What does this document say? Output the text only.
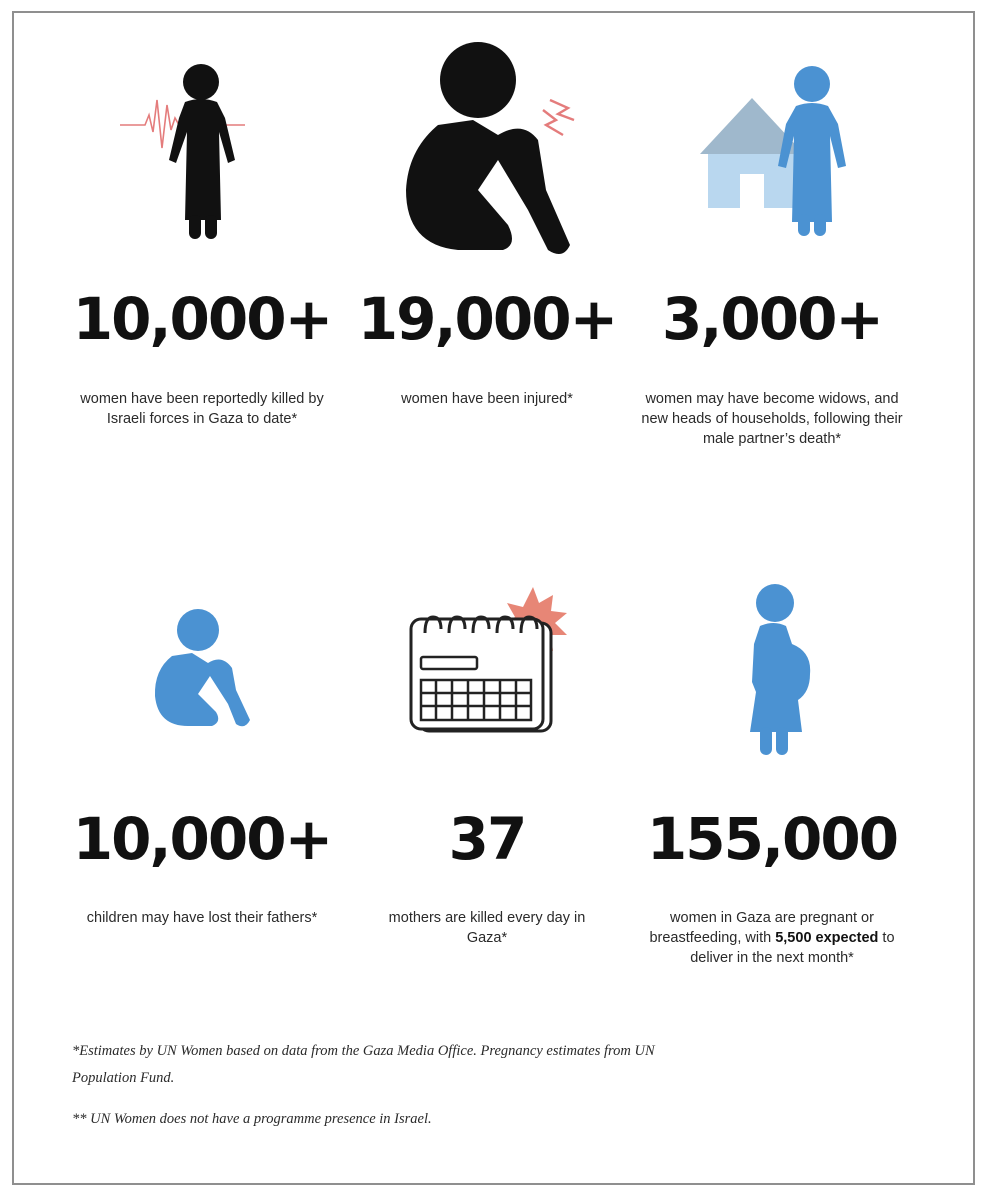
10,000+ 19,000+ 3,000+
10,000+	37	155,000
women have been reportedly killed by Israeli forces in Gaza to date*
women have been injured*	women may have become widows, and new heads of households, following their male partner’s death*
children may have lost their fathers*	mothers are killed every day in Gaza*
women in Gaza are pregnant or breastfeeding, with 5,500 expected to deliver in the next month*
*Estimates by UN Women based on data from the Gaza Media Office. Pregnancy estimates from UN Population Fund.
** UN Women does not have a programme presence in Israel.
